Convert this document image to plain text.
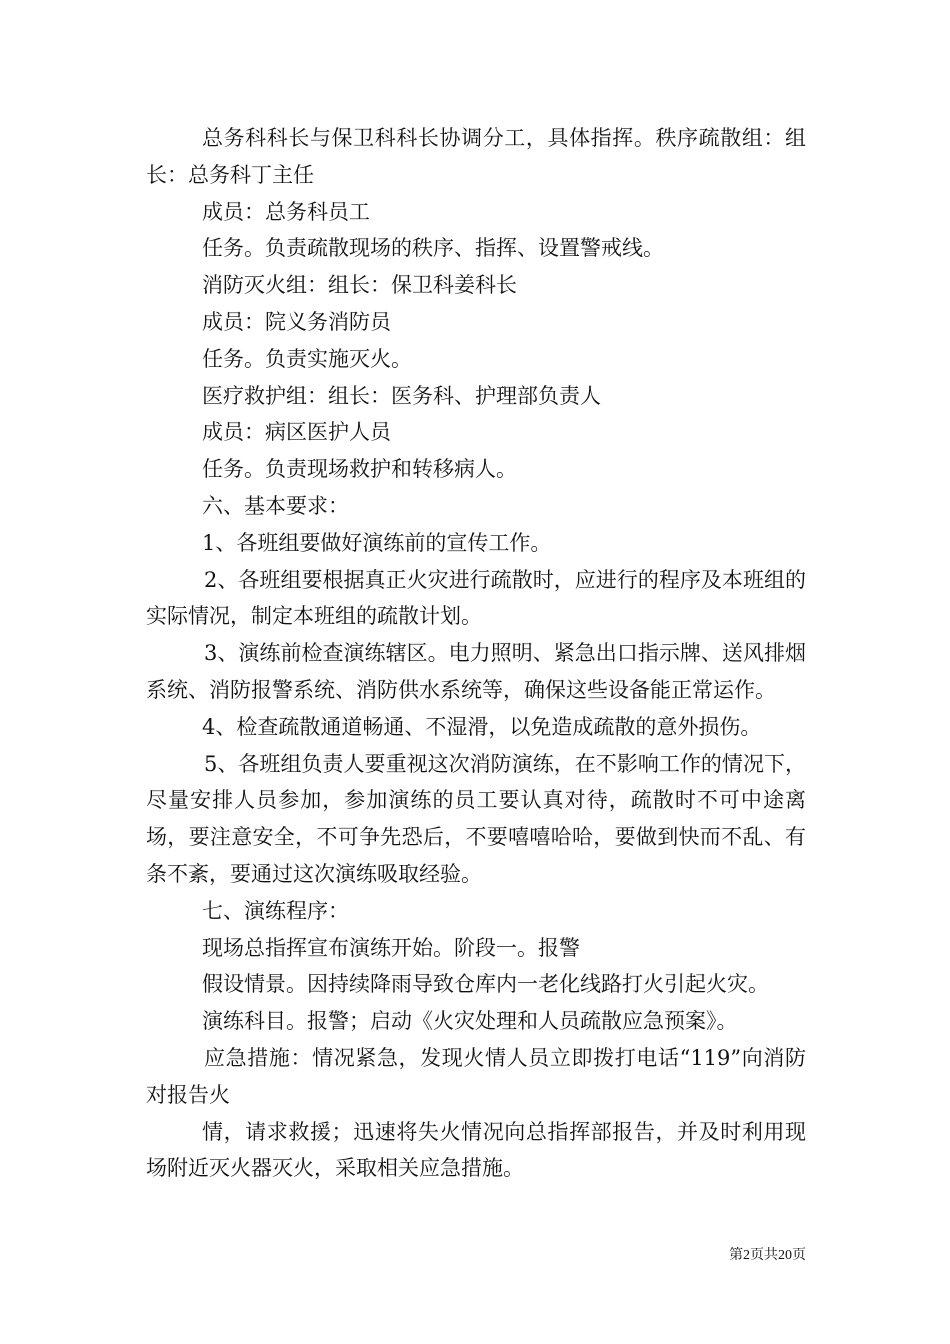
总务科科长与保卫科科长协调分工，具体指挥。秩序疏散组：组长：总务科丁主任

成员：总务科员工

任务。负责疏散现场的秩序、指挥、设置警戒线。

消防灭火组：组长：保卫科姜科长

成员：院义务消防员

任务。负责实施灭火。

医疗救护组：组长：医务科、护理部负责人

成员：病区医护人员

任务。负责现场救护和转移病人。

六、基本要求：

1、各班组要做好演练前的宣传工作。

2、各班组要根据真正火灾进行疏散时，应进行的程序及本班组的实际情况，制定本班组的疏散计划。

3、演练前检查演练辖区。电力照明、紧急出口指示牌、送风排烟系统、消防报警系统、消防供水系统等，确保这些设备能正常运作。

4、检查疏散通道畅通、不湿滑，以免造成疏散的意外损伤。

5、各班组负责人要重视这次消防演练，在不影响工作的情况下，尽量安排人员参加，参加演练的员工要认真对待，疏散时不可中途离场，要注意安全，不可争先恐后，不要嘻嘻哈哈，要做到快而不乱、有条不紊，要通过这次演练吸取经验。

七、演练程序：

现场总指挥宣布演练开始。阶段一。报警

假设情景。因持续降雨导致仓库内一老化线路打火引起火灾。

演练科目。报警；启动《火灾处理和人员疏散应急预案》。

应急措施：情况紧急，发现火情人员立即拨打电话“119”向消防对报告火

情，请求救援；迅速将失火情况向总指挥部报告，并及时利用现场附近灭火器灭火，采取相关应急措施。

第2页共20页
